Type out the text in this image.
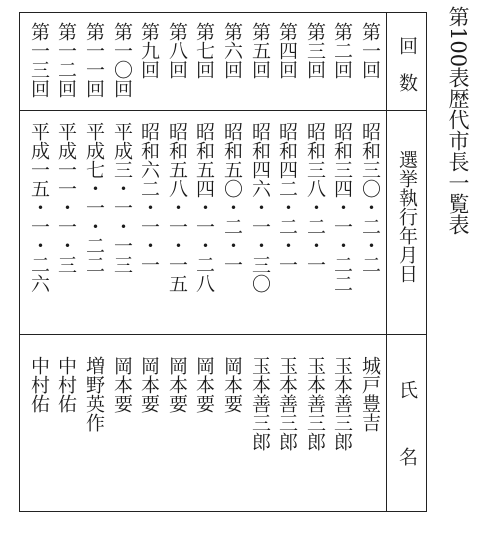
第100表歴代市長一覧表
回数
選挙執行年月日
氏名
第一回
昭和三〇・二・二
城戸豊吉
第二回
昭和三四・一・二二
玉本善三郎
第三回
昭和三八・二・一
玉本善三郎
第四回
昭和四二・二・一
玉本善三郎
第五回
昭和四六・一・三〇
玉本善三郎
第六回
昭和五〇・二・一
岡本要
第七回
昭和五四・一・二八
岡本要
第八回
昭和五八・一・一五
岡本要
第九回
昭和六二・一・一
岡本要
第一〇回
平成三・一・一三
岡本要
第一一回
平成七・一・二二
増野英作
第一二回
平成一一・一・三
中村佑
第一三回
平成一五・一・二六
中村佑
